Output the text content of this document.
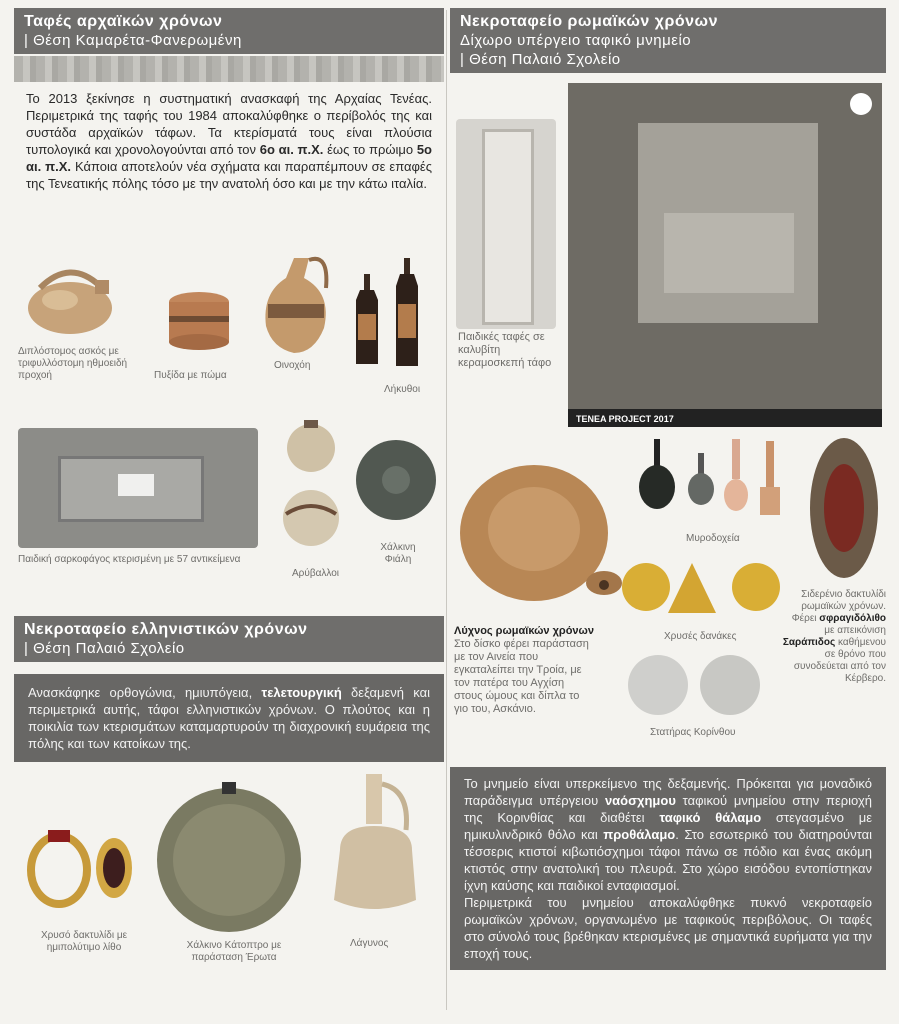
Ταφές αρχαϊκών χρόνων
| Θέση Καμαρέτα-Φανερωμένη

Το 2013 ξεκίνησε η συστηματική ανασκαφή της Αρχαίας Τενέας. Περιμετρικά της ταφής του 1984 αποκαλύφθηκε ο περίβολός της και συστάδα αρχαϊκών τάφων. Τα κτερίσματά τους είναι πλούσια τυπολογικά και χρονολογούνται από τον 6ο αι. π.Χ. έως το πρώιμο 5ο αι. π.Χ. Κάποια αποτελούν νέα σχήματα και παραπέμπουν σε επαφές της Τενεατικής πόλης τόσο με την ανατολή όσο και με την κάτω ιταλία.

Διπλόστομος ασκός με τριφυλλόστομη ηθμοειδή προχοή	Πυξίδα με πώμα
Οινοχόη
Λήκυθοι
Παιδική σαρκοφάγος κτερισμένη με 57 αντικείμενα
Αρύβαλλοι
Χάλκινη Φιάλη
Νεκροταφείο ελληνιστικών χρόνων
| Θέση Παλαιό Σχολείο

Ανασκάφηκε ορθογώνια, ημιυπόγεια, τελετουργική δεξαμενή και περιμετρικά αυτής, τάφοι ελληνιστικών χρόνων. Ο πλούτος και η ποικιλία των κτερισμάτων καταμαρτυρούν τη διαχρονική ευμάρεια της πόλης και των κατοίκων της.

Χρυσό δακτυλίδι με ημιπολύτιμο λίθο	Χάλκινο Κάτοπτρο με παράσταση Έρωτα
Λάγυνος
Νεκροταφείο ρωμαϊκών χρόνων
Δίχωρο υπέργειο ταφικό μνημείο
| Θέση Παλαιό Σχολείο
Παιδικές ταφές σε καλυβίτη κεραμοσκεπή τάφο
TENEA PROJECT 2017
Λύχνος ρωμαϊκών χρόνων
Στο δίσκο φέρει παράσταση με τον Αινεία που εγκαταλείπει την Τροία, με τον πατέρα του Αγχίση στους ώμους και δίπλα το γιο του, Ασκάνιο.
Μυροδοχεία
Χρυσές δανάκες
Στατήρας Κορίνθου
Σιδερένιο δακτυλίδι ρωμαϊκών χρόνων. Φέρει σφραγιδόλιθο με απεικόνιση Σαράπιδος καθήμενου σε θρόνο που συνοδεύεται από τον Κέρβερο.
Το μνημείο είναι υπερκείμενο της δεξαμενής. Πρόκειται για μοναδικό παράδειγμα υπέργειου ναόσχημου ταφικού μνημείου στην περιοχή της Κορινθίας και διαθέτει ταφικό θάλαμο στεγασμένο με ημικυλινδρικό θόλο και προθάλαμο. Στο εσωτερικό του διατηρούνται τέσσερις κτιστοί κιβωτιόσχημοι τάφοι πάνω σε πόδιο και ένας ακόμη κτιστός στην ανατολική του πλευρά. Στο χώρο εισόδου εντοπίστηκαν ίχνη καύσης και παιδικοί ενταφιασμοί.
Περιμετρικά του μνημείου αποκαλύφθηκε πυκνό νεκροταφείο ρωμαϊκών χρόνων, οργανωμένο με ταφικούς περιβόλους. Οι ταφές στο σύνολό τους βρέθηκαν κτερισμένες με σημαντικά ευρήματα για την εποχή τους.
